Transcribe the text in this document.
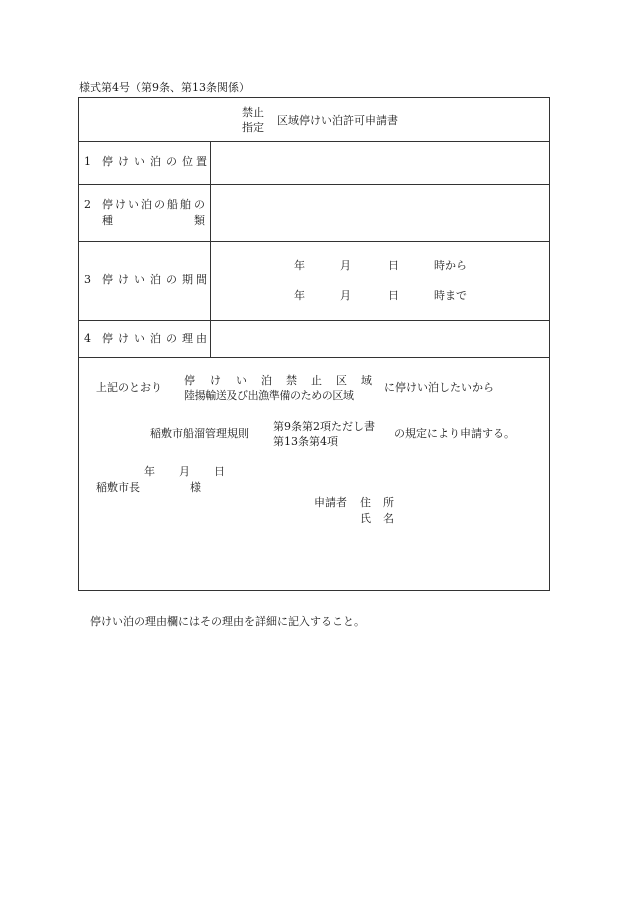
様式第4号（第9条、第13条関係）
禁止
指定
区域停けい泊許可申請書
1 停 け い 泊 の 位 置
2 停 け い 泊 の 船 舶 の
種	類
3 停 け い 泊 の 期 間
年	月	日	時から
年	月	日	時まで
4 停 け い 泊 の 理 由
上記のとおり
停 け い 泊 禁 止 区 域
陸揚輸送及び出漁準備のための区域
に停けい泊したいから
稲敷市船溜管理規則
第9条第2項ただし書
第13条第4項
の規定により申請する。
年 月 日
稲敷市長	様
申請者 住 所
氏 名
停けい泊の理由欄にはその理由を詳細に記入すること。
